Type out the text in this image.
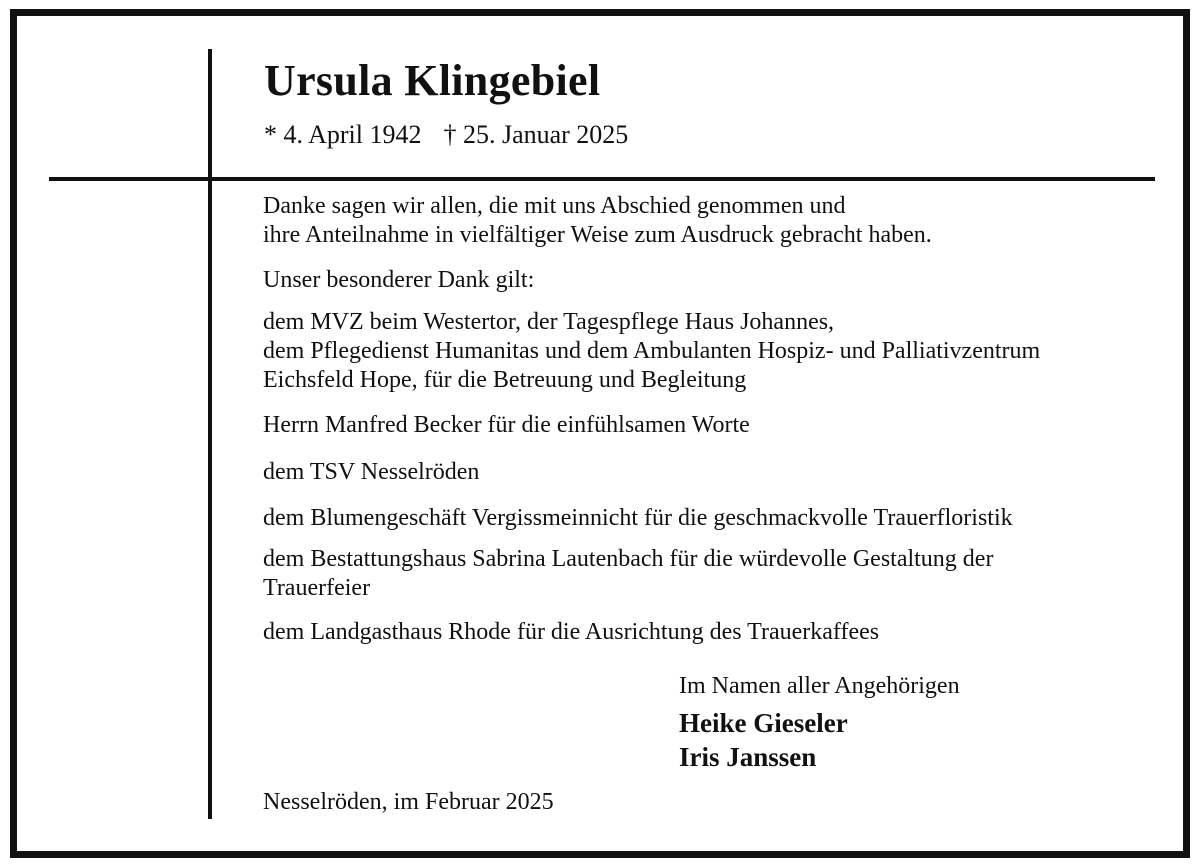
Ursula Klingebiel
* 4. April 1942 † 25. Januar 2025
Danke sagen wir allen, die mit uns Abschied genommen und
ihre Anteilnahme in vielfältiger Weise zum Ausdruck gebracht haben.
Unser besonderer Dank gilt:
dem MVZ beim Westertor, der Tagespflege Haus Johannes,
dem Pflegedienst Humanitas und dem Ambulanten Hospiz- und Palliativzentrum
Eichsfeld Hope, für die Betreuung und Begleitung
Herrn Manfred Becker für die einfühlsamen Worte
dem TSV Nesselröden
dem Blumengeschäft Vergissmeinnicht für die geschmackvolle Trauerfloristik
dem Bestattungshaus Sabrina Lautenbach für die würdevolle Gestaltung der
Trauerfeier
dem Landgasthaus Rhode für die Ausrichtung des Trauerkaffees
Im Namen aller Angehörigen
Heike Gieseler
Iris Janssen
Nesselröden, im Februar 2025
